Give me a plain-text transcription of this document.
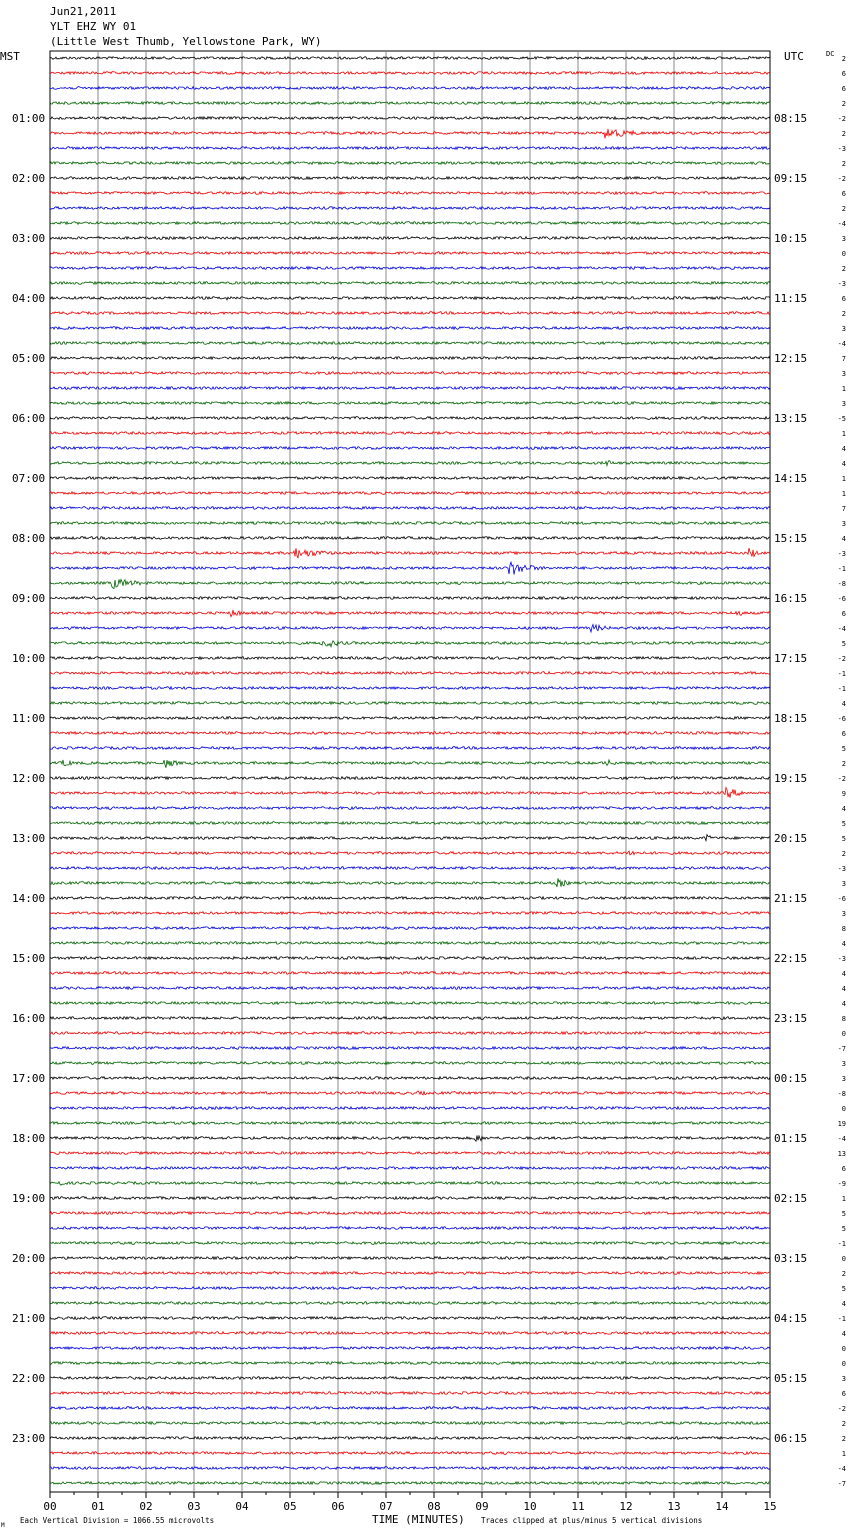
Jun21,2011
YLT EHZ WY 01
(Little West Thumb, Yellowstone Park, WY)
01:00
02:00
03:00
04:00
05:00
06:00
07:00
08:00
09:00
10:00
11:00
12:00
13:00
14:00
15:00
16:00
17:00
18:00
19:00
20:00
21:00
22:00
23:00
08:15
09:15
10:15
11:15
12:15
13:15
14:15
15:15
16:15
17:15
18:15
19:15
20:15
21:15
22:15
23:15
00:15
01:15
02:15
03:15
04:15
05:15
06:15
2
6
6
2
-2
2
-3
2
-2
6
2
-4
3
0
2
-3
6
2
3
-4
7
3
1
3
-5
1
4
4
1
1
7
3
4
-3
-1
-8
-6
6
-4
5
-2
-1
-1
4
-6
6
5
2
-2
9
4
5
5
2
-3
3
-6
3
8
4
-3
4
4
4
8
0
-7
3
3
-8
0
19
-4
13
6
-9
1
5
5
-1
0
2
5
4
-1
4
0
0
3
6
-2
2
2
1
-4
-7
00	01	02	03	04	05	06	07	08	09	10	11	12	13	14	15
MST	UTC	DC
TIME (MINUTES)
Each Vertical Division = 1066.55 microvolts	Traces clipped at plus/minus 5 vertical divisions
M
